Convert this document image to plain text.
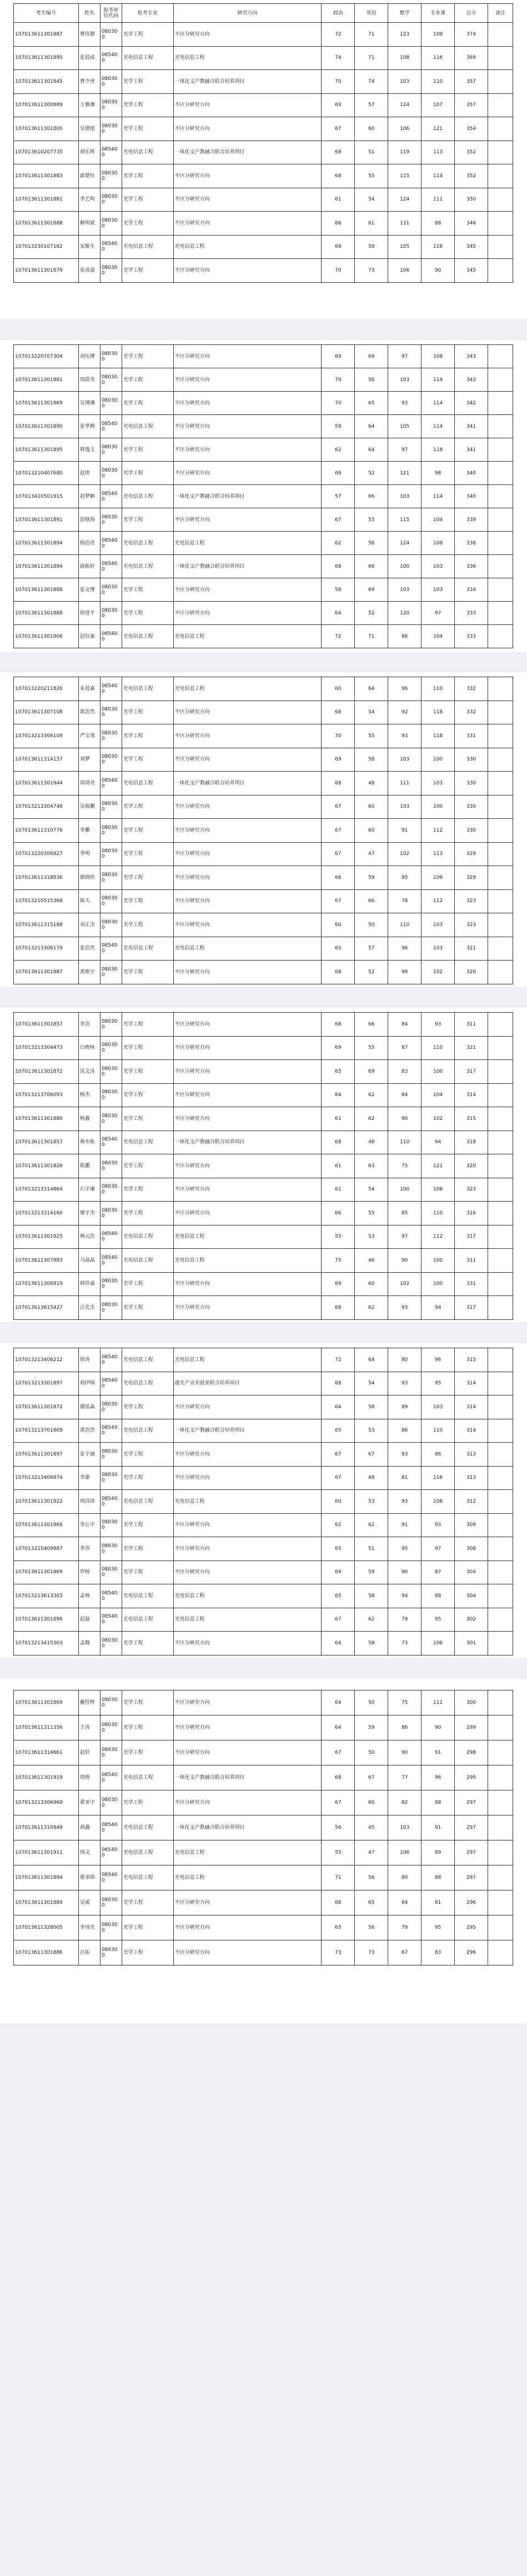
考生编号	姓名	报考单位代码	报考专业	研究方向	政治	英语	数学	专业课	总分	备注

107013611301887	曹佳静	080300	光学工程	不区分研究方向	72	71	123	108	374	

107013611301895	张晨成	085400	光电信息工程	光电信息工程	74	71	108	116	369	

107013611301845	曹介虎	080300	光学工程	一体化文产教融合联合培养项目	70	74	103	110	357	

107013611300889	王雅渊	080300	光学工程	不区分研究方向	69	57	124	107	357	

107013611301800	吴德旭	080300	光学工程	不区分研究方向	67	60	106	121	354	

107013610207735	胡乐辉	085400	光电信息工程	一体化文产教融合联合培养项目	69	51	119	113	352	

107013611301883	邱楚钰	080300	光学工程	不区分研究方向	68	55	115	114	352	

107013611301881	李艺鸣	080300	光学工程	不区分研究方向	61	54	124	111	350	

107013611301888	解明斌	080300	光学工程	不区分研究方向	66	61	131	88	346	

107013230107182	宋紫生	085400	光电信息工程	光电信息工程	69	58	105	118	345	

107013611301879	张成强	080300	光学工程	不区分研究方向	70	73	106	90	345	

107013220707304	刘伍博	080300	光学工程	不区分研究方向	69	69	97	108	343	

107013611301881	周跃男	080300	光学工程	不区分研究方向	70	56	103	114	343	

107013611301869	吴博渊	080300	光学工程	不区分研究方向	70	65	93	114	342	

107013611301890	张华楷	085400	光电信息工程	不区分研究方向	58	64	105	114	341	

107013611301895	韩逸玉	080300	光学工程	不区分研究方向	62	64	97	118	341	

107013210407680	赵唐	080300	光学工程	不区分研究方向	69	52	121	98	340	

107013410501915	赵梦颖	085400	光电信息工程	一体化文产教融合联合培养项目	57	66	103	114	340	

107013611301891	彭继海	080300	光学工程	不区分研究方向	67	53	115	104	339	

107013611301894	杨浩佳	085400	光电信息工程	光电信息工程	62	56	124	108	338	

107013611301894	薛振轩	085400	光电信息工程	一体化文产教融合联合培养项目	68	66	100	103	336	

107013611301888	张文博	080300	光学工程	不区分研究方向	59	69	103	103	334	

107013611301888	徐进平	080300	光学工程	不区分研究方向	64	52	120	97	333	

107013611301906	赵钰嘉	085400	光电信息工程	光电信息工程	72	71	86	104	333	

107013220211826	朱晨嘉	085400	光电信息工程	光电信息工程	60	64	96	110	332	

107013611307108	郭浩然	080300	光学工程	不区分研究方向	68	54	92	118	332	

107013213306109	严宝勇	080300	光学工程	不区分研究方向	70	55	93	118	331	

107013611314157	刘梦	080300	光学工程	不区分研究方向	69	58	103	100	330	

107013611301944	周琦亮	085400	光电信息工程	一体化文产教融合联合培养项目	68	48	111	103	330	

107013213304748	吴毅鹏	080300	光学工程	不区分研究方向	67	60	103	100	330	

107013611310776	李鹏	080300	光学工程	不区分研究方向	67	60	91	112	330	

107013220306827	李明	080300	光学工程	不区分研究方向	67	47	102	113	329	

107013611318836	郭晓欣	080300	光学工程	不区分研究方向	66	59	95	109	329	

107013210515368	陈天	080300	光学工程	不区分研究方向	67	66	78	112	323	

107013611315188	刘正杰	080300	光学工程	不区分研究方向	60	50	110	103	323	

107013213306179	张浩然	085400	光电信息工程	光电信息工程	65	57	96	103	321	

107013611301887	黄艳宇	080300	光学工程	不区分研究方向	68	52	98	102	320	

107013611301857	李浩	080300	光学工程	不区分研究方向	68	66	84	93	311	

107013213304473	白俊杨	080300	光学工程	不区分研究方向	69	55	87	110	321	

107013611301872	沈文涛	080300	光学工程	不区分研究方向	65	69	83	100	317	

107013213706093	杨杰	080300	光学工程	不区分研究方向	64	62	84	104	314	

107013611301880	杨鑫	080300	光学工程	不区分研究方向	61	62	90	102	315	

107013611301857	蒋亦航	085400	光电信息工程	一体化文产教融合联合培养项目	68	48	110	94	318	

107013611301826	陈鹏	080300	光学工程	不区分研究方向	61	63	75	121	320	

107013213314864	石宇谦	080300	光学工程	不区分研究方向	61	54	100	108	323	

107013213314160	廖宇杰	080300	光学工程	不区分研究方向	66	55	85	110	316	

107013611301925	林元浩	085400	光电信息工程	光电信息工程	55	53	97	112	317	

107013611307883	马晶晶	085400	光电信息工程	光电信息工程	75	46	90	100	311	

107013611306819	韩佳嘉	080300	光学工程	不区分研究方向	69	60	102	100	331	

107013613615427	汪奕杰	080300	光学工程	不区分研究方向	68	62	93	94	317	

107013213406212	徐涛	085400	光电信息工程	光电信息工程	72	64	80	96	315	

107013213301897	胡伊锦	085400	光电信息工程	感光产业实验室联合培养项目	68	54	93	95	314	

107013611301872	谢泓淼	080300	光学工程	不区分研究方向	64	58	89	103	314	

107013213701809	黄浩然	085400	光电信息工程	一体化文产教融合联合培养项目	65	53	86	110	314	

107013611301897	张宇涵	080300	光学工程	不区分研究方向	67	67	93	86	313	

107013213406874	李康	080300	光学工程	不区分研究方向	67	49	81	116	313	

107013611301922	周昌琦	085400	光电信息工程	光电信息工程	60	53	93	108	312	

107013611301866	李心宇	080300	光学工程	不区分研究方向	62	62	91	93	309	

107013215409887	李莎	080300	光学工程	不区分研究方向	65	51	95	97	308	

107013611301869	罗杨	080300	光学工程	不区分研究方向	69	59	90	87	304	

107013213613303	孟响	085400	光电信息工程	光电信息工程	65	58	94	88	304	

107013611301896	赵磊	085400	光电信息工程	光电信息工程	67	62	79	95	302	

107013213415303	孟腾	080300	光学工程	不区分研究方向	64	58	73	106	301	

107013611301869	戴佳辉	080300	光学工程	不区分研究方向	64	50	75	111	300	

107013611311356	王涛	080300	光学工程	不区分研究方向	64	59	86	90	299	

107013611314661	赵轩	080300	光学工程	不区分研究方向	67	50	90	91	298	

107013611301919	周俊	085400	光电信息工程	一体化文产教融合联合培养项目	68	67	77	96	299	

107013213306969	翟亚宇	080300	光学工程	不区分研究方向	67	60	82	88	297	

107013611310949	胡鑫	085400	光电信息工程	一体化文产教融合联合培养项目	56	45	103	91	297	

107013611301911	周文	085400	光电信息工程	光电信息工程	55	47	106	89	297	

107013611301894	蔡承锦	085400	光电信息工程	光电信息工程	71	56	80	88	297	

107013611301884	吴威	080300	光学工程	不区分研究方向	66	65	84	81	296	

107013611328005	李伟光	080300	光学工程	不区分研究方向	65	56	79	95	295	

107013611301886	汪拓	080300	光学工程	不区分研究方向	73	73	67	83	296	
